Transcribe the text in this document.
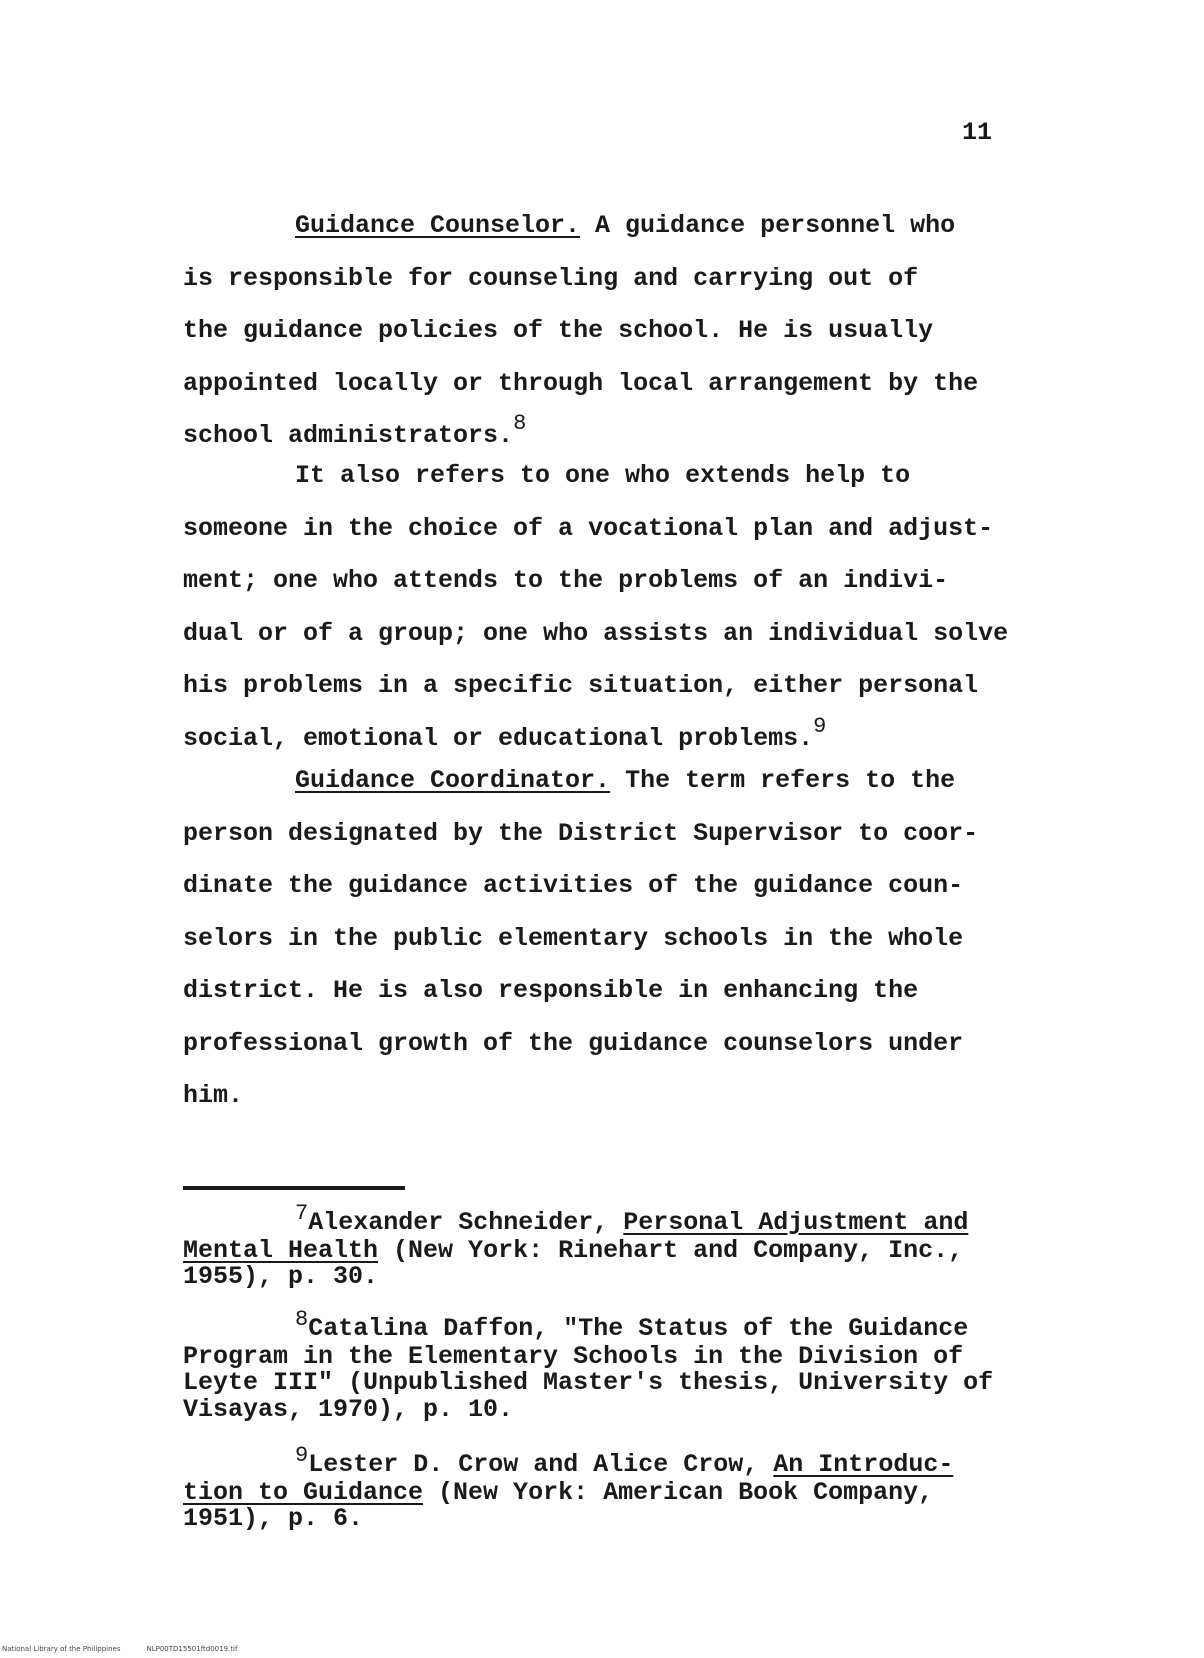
11
Guidance Counselor. A guidance personnel who
is responsible for counseling and carrying out of
the guidance policies of the school. He is usually
appointed locally or through local arrangement by the
school administrators.$^8$
It also refers to one who extends help to
someone in the choice of a vocational plan and adjust-
ment; one who attends to the problems of an indivi-
dual or of a group; one who assists an individual solve
his problems in a specific situation, either personal
social, emotional or educational problems.$^9$
Guidance Coordinator. The term refers to the
person designated by the District Supervisor to coor-
dinate the guidance activities of the guidance coun-
selors in the public elementary schools in the whole
district. He is also responsible in enhancing the
professional growth of the guidance counselors under
him.
7Alexander Schneider, Personal Adjustment and
Mental Health (New York: Rinehart and Company, Inc.,
1955), p. 30.
8Catalina Daffon, "The Status of the Guidance
Program in the Elementary Schools in the Division of
Leyte III" (Unpublished Master's thesis, University of
Visayas, 1970), p. 10.
9Lester D. Crow and Alice Crow, An Introduc-
tion to Guidance (New York: American Book Company,
1951), p. 6.
National Library of the Philippines	NLP00TD15501ftd0019.tif
